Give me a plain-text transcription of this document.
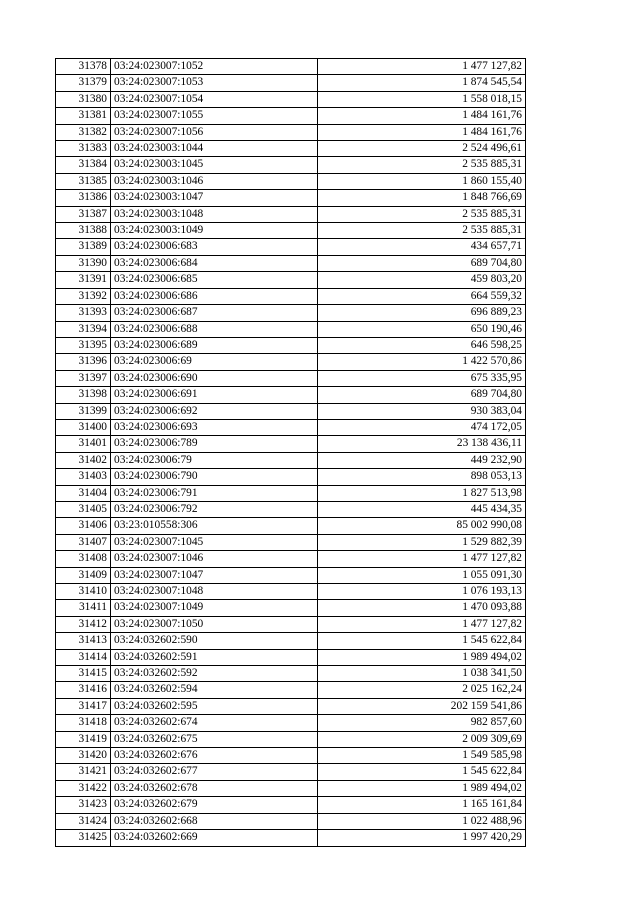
31378	03:24:023007:1052	1 477 127,82
31379	03:24:023007:1053	1 874 545,54
31380	03:24:023007:1054	1 558 018,15
31381	03:24:023007:1055	1 484 161,76
31382	03:24:023007:1056	1 484 161,76
31383	03:24:023003:1044	2 524 496,61
31384	03:24:023003:1045	2 535 885,31
31385	03:24:023003:1046	1 860 155,40
31386	03:24:023003:1047	1 848 766,69
31387	03:24:023003:1048	2 535 885,31
31388	03:24:023003:1049	2 535 885,31
31389	03:24:023006:683	434 657,71
31390	03:24:023006:684	689 704,80
31391	03:24:023006:685	459 803,20
31392	03:24:023006:686	664 559,32
31393	03:24:023006:687	696 889,23
31394	03:24:023006:688	650 190,46
31395	03:24:023006:689	646 598,25
31396	03:24:023006:69	1 422 570,86
31397	03:24:023006:690	675 335,95
31398	03:24:023006:691	689 704,80
31399	03:24:023006:692	930 383,04
31400	03:24:023006:693	474 172,05
31401	03:24:023006:789	23 138 436,11
31402	03:24:023006:79	449 232,90
31403	03:24:023006:790	898 053,13
31404	03:24:023006:791	1 827 513,98
31405	03:24:023006:792	445 434,35
31406	03:23:010558:306	85 002 990,08
31407	03:24:023007:1045	1 529 882,39
31408	03:24:023007:1046	1 477 127,82
31409	03:24:023007:1047	1 055 091,30
31410	03:24:023007:1048	1 076 193,13
31411	03:24:023007:1049	1 470 093,88
31412	03:24:023007:1050	1 477 127,82
31413	03:24:032602:590	1 545 622,84
31414	03:24:032602:591	1 989 494,02
31415	03:24:032602:592	1 038 341,50
31416	03:24:032602:594	2 025 162,24
31417	03:24:032602:595	202 159 541,86
31418	03:24:032602:674	982 857,60
31419	03:24:032602:675	2 009 309,69
31420	03:24:032602:676	1 549 585,98
31421	03:24:032602:677	1 545 622,84
31422	03:24:032602:678	1 989 494,02
31423	03:24:032602:679	1 165 161,84
31424	03:24:032602:668	1 022 488,96
31425	03:24:032602:669	1 997 420,29
